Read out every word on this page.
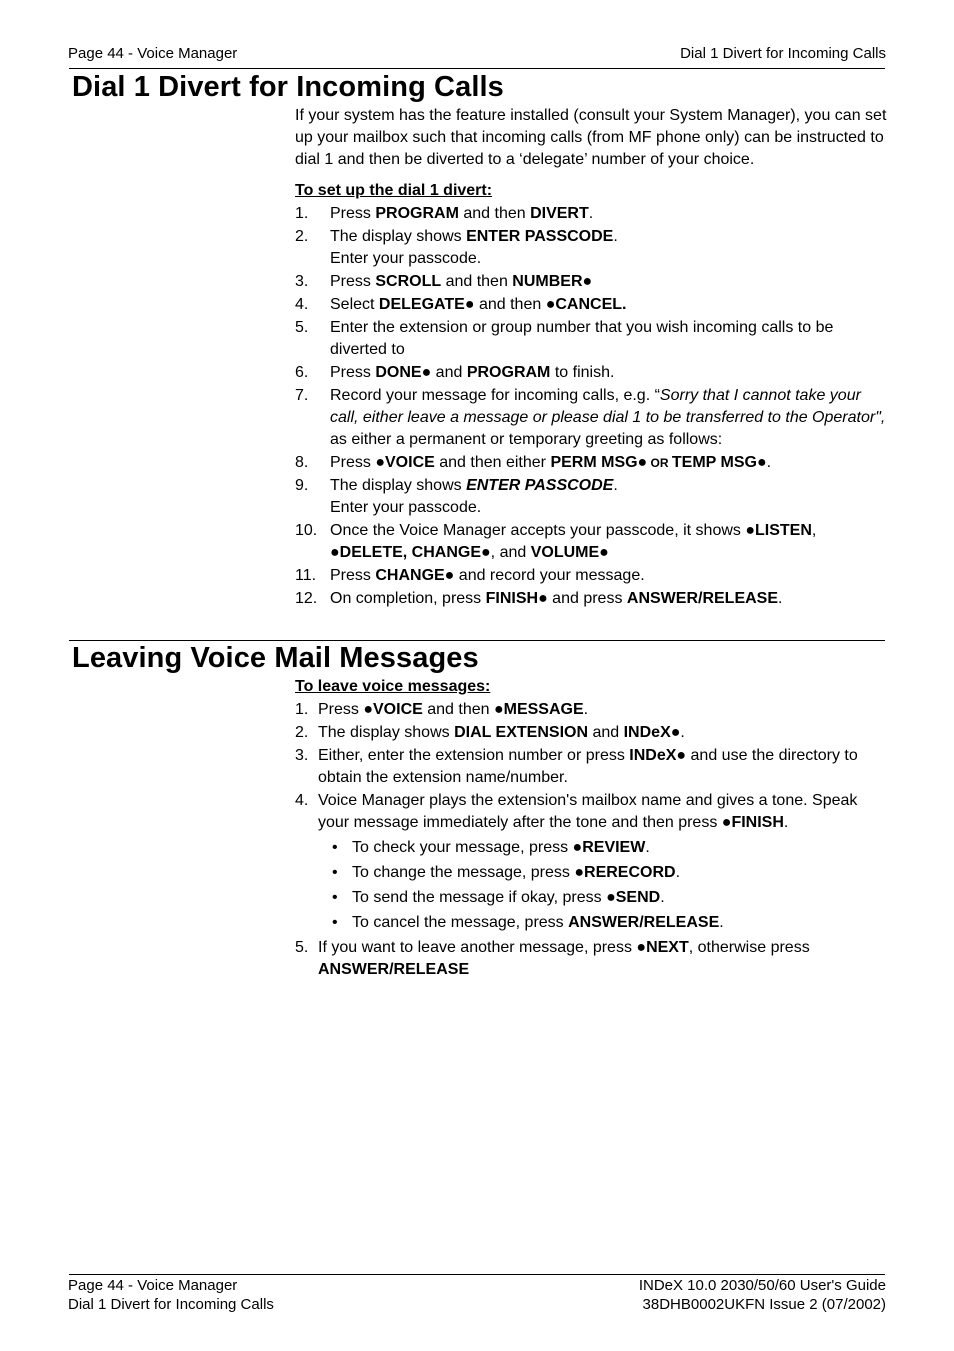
Page 44 - Voice Manager	Dial 1 Divert for Incoming Calls
Dial 1 Divert for Incoming Calls

If your system has the feature installed (consult your System Manager), you can set up your mailbox such that incoming calls (from MF phone only) can be instructed to dial 1 and then be diverted to a ‘delegate’ number of your choice.

To set up the dial 1 divert:
1. Press PROGRAM and then DIVERT.
2. The display shows ENTER PASSCODE.
Enter your passcode.
3. Press SCROLL and then NUMBER●
4. Select DELEGATE● and then ●CANCEL.
5. Enter the extension or group number that you wish incoming calls to be diverted to
6. Press DONE● and PROGRAM to finish.
7. Record your message for incoming calls, e.g. “Sorry that I cannot take your call, either leave a message or please dial 1 to be transferred to the Operator", as either a permanent or temporary greeting as follows:
8. Press ●VOICE and then either PERM MSG● OR TEMP MSG●.
9. The display shows ENTER PASSCODE.
Enter your passcode.
10. Once the Voice Manager accepts your passcode, it shows ●LISTEN, ●DELETE, CHANGE●, and VOLUME●
11. Press CHANGE● and record your message.
12. On completion, press FINISH● and press ANSWER/RELEASE.
Leaving Voice Mail Messages
To leave voice messages:
1. Press ●VOICE and then ●MESSAGE.
2. The display shows DIAL EXTENSION and INDeX●.
3. Either, enter the extension number or press INDeX● and use the directory to obtain the extension name/number.
4. Voice Manager plays the extension's mailbox name and gives a tone. Speak your message immediately after the tone and then press ●FINISH.
• To check your message, press ●REVIEW.
• To change the message, press ●RERECORD.
• To send the message if okay, press ●SEND.
• To cancel the message, press ANSWER/RELEASE.
5. If you want to leave another message, press ●NEXT, otherwise press
ANSWER/RELEASE
Page 44 - Voice Manager
Dial 1 Divert for Incoming Calls
INDeX 10.0 2030/50/60 User's Guide
38DHB0002UKFN Issue 2 (07/2002)
